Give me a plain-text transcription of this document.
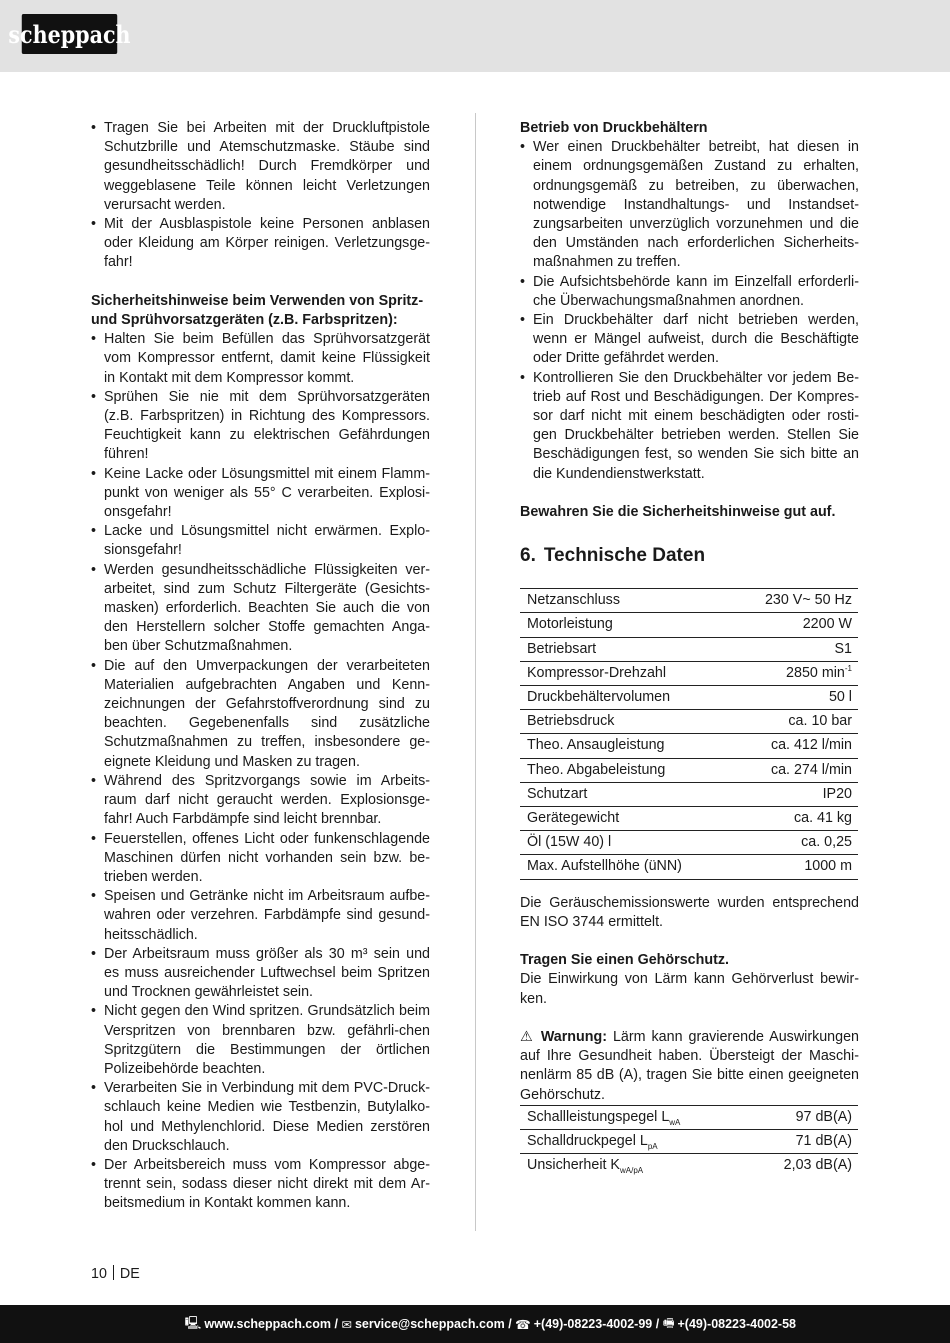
scheppach
• Tragen Sie bei Arbeiten mit der Druckluftpistole Schutzbrille und Atemschutzmaske. Stäube sind gesundheitsschädlich! Durch Fremdkörper und weggeblasene Teile können leicht Verletzungen verursacht werden.
• Mit der Ausblaspistole keine Personen anblasen oder Kleidung am Körper reinigen. Verletzungsge-fahr!
Sicherheitshinweise beim Verwenden von Spritz- und Sprühvorsatzgeräten (z.B. Farbspritzen):
• Halten Sie beim Befüllen das Sprühvorsatzgerät vom Kompressor entfernt, damit keine Flüssigkeit in Kontakt mit dem Kompressor kommt.
• Sprühen Sie nie mit dem Sprühvorsatzgeräten (z.B. Farbspritzen) in Richtung des Kompressors. Feuchtigkeit kann zu elektrischen Gefährdungen führen!
• Keine Lacke oder Lösungsmittel mit einem Flamm-punkt von weniger als 55° C verarbeiten. Explosi-onsgefahr!
• Lacke und Lösungsmittel nicht erwärmen. Explo-sionsgefahr!
• Werden gesundheitsschädliche Flüssigkeiten ver-arbeitet, sind zum Schutz Filtergeräte (Gesichts-masken) erforderlich. Beachten Sie auch die von den Herstellern solcher Stoffe gemachten Anga-ben über Schutzmaßnahmen.
• Die auf den Umverpackungen der verarbeiteten Materialien aufgebrachten Angaben und Kenn-zeichnungen der Gefahrstoffverordnung sind zu beachten. Gegebenenfalls sind zusätzliche Schutzmaßnahmen zu treffen, insbesondere ge-eignete Kleidung und Masken zu tragen.
• Während des Spritzvorgangs sowie im Arbeits-raum darf nicht geraucht werden. Explosionsge-fahr! Auch Farbdämpfe sind leicht brennbar.
• Feuerstellen, offenes Licht oder funkenschlagende Maschinen dürfen nicht vorhanden sein bzw. be-trieben werden.
• Speisen und Getränke nicht im Arbeitsraum aufbe-wahren oder verzehren. Farbdämpfe sind gesund-heitsschädlich.
• Der Arbeitsraum muss größer als 30 m³ sein und es muss ausreichender Luftwechsel beim Spritzen und Trocknen gewährleistet sein.
• Nicht gegen den Wind spritzen. Grundsätzlich beim Verspritzen von brennbaren bzw. gefährli-chen Spritzgütern die Bestimmungen der örtlichen Polizeibehörde beachten.
• Verarbeiten Sie in Verbindung mit dem PVC-Druck-schlauch keine Medien wie Testbenzin, Butylalko-hol und Methylenchlorid. Diese Medien zerstören den Druckschlauch.
• Der Arbeitsbereich muss vom Kompressor abge-trennt sein, sodass dieser nicht direkt mit dem Ar-beitsmedium in Kontakt kommen kann.
Betrieb von Druckbehältern
• Wer einen Druckbehälter betreibt, hat diesen in einem ordnungsgemäßen Zustand zu erhalten, ordnungsgemäß zu betreiben, zu überwachen, notwendige Instandhaltungs- und Instandset-zungsarbeiten unverzüglich vorzunehmen und die den Umständen nach erforderlichen Sicherheits-maßnahmen zu treffen.
• Die Aufsichtsbehörde kann im Einzelfall erforderli-che Überwachungsmaßnahmen anordnen.
• Ein Druckbehälter darf nicht betrieben werden, wenn er Mängel aufweist, durch die Beschäftigte oder Dritte gefährdet werden.
• Kontrollieren Sie den Druckbehälter vor jedem Be-trieb auf Rost und Beschädigungen. Der Kompres-sor darf nicht mit einem beschädigten oder rosti-gen Druckbehälter betrieben werden. Stellen Sie Beschädigungen fest, so wenden Sie sich bitte an die Kundendienstwerkstatt.
Bewahren Sie die Sicherheitshinweise gut auf.
6. Technische Daten
Netzanschluss	230 V~ 50 Hz
Motorleistung	2200 W
Betriebsart	S1
Kompressor-Drehzahl	2850 $\min^{-1}$
Druckbehältervolumen	50 l
Betriebsdruck	ca. 10 bar
Theo. Ansaugleistung	ca. 412 l/min
Theo. Abgabeleistung	ca. 274 l/min
Schutzart	IP20
Gerätegewicht	ca. 41 kg
Öl (15W 40) l	ca. 0,25
Max. Aufstellhöhe (üNN)	1000 m
Die Geräuschemissionswerte wurden entsprechend EN ISO 3744 ermittelt.
Tragen Sie einen Gehörschutz.
Die Einwirkung von Lärm kann Gehörverlust bewir-ken.
⚠ Warnung: Lärm kann gravierende Auswirkungen auf Ihre Gesundheit haben. Übersteigt der Maschi-nenlärm 85 dB (A), tragen Sie bitte einen geeigneten Gehörschutz.
Schallleistungspegel $L_{wA}$	97 dB(A)
Schalldruckpegel $L_{pA}$	71 dB(A)
Unsicherheit $K_{wA/pA}$	2,03 dB(A)
10 DE
🖳 www.scheppach.com
/
✉ service@scheppach.com
/
☎ +(49)-08223-4002-99
/
🖷 +(49)-08223-4002-58
